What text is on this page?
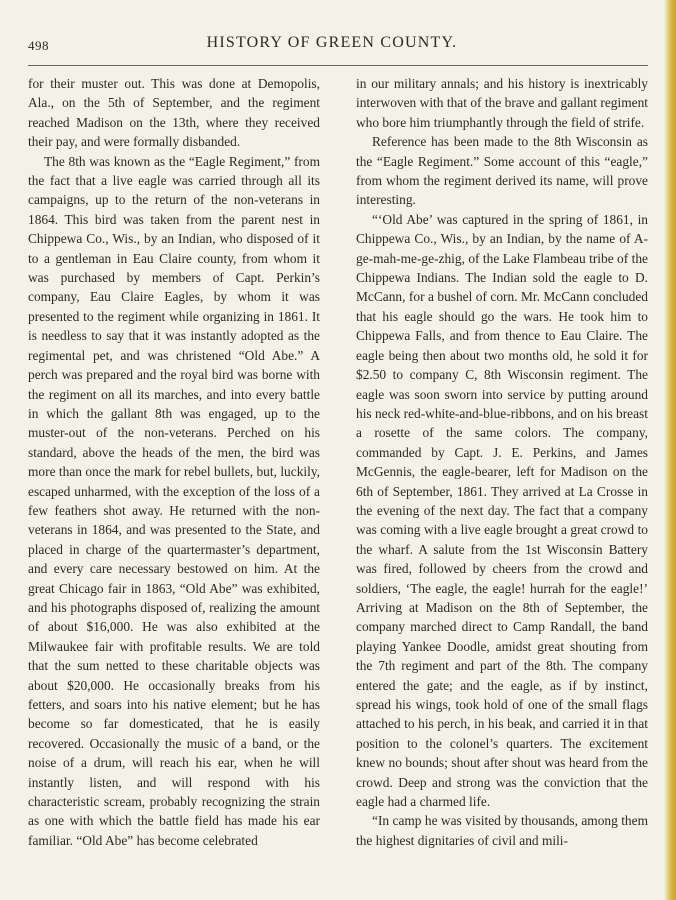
498	HISTORY OF GREEN COUNTY.

for their muster out. This was done at Demopolis, Ala., on the 5th of September, and the regiment reached Madison on the 13th, where they received their pay, and were formally disbanded.

The 8th was known as the “Eagle Regiment,” from the fact that a live eagle was carried through all its campaigns, up to the return of the non-veterans in 1864. This bird was taken from the parent nest in Chippewa Co., Wis., by an Indian, who disposed of it to a gentleman in Eau Claire county, from whom it was purchased by members of Capt. Perkin’s company, Eau Claire Eagles, by whom it was presented to the regiment while organizing in 1861. It is needless to say that it was instantly adopted as the regimental pet, and was christened “Old Abe.” A perch was prepared and the royal bird was borne with the regiment on all its marches, and into every battle in which the gallant 8th was engaged, up to the muster-out of the non-veterans. Perched on his standard, above the heads of the men, the bird was more than once the mark for rebel bullets, but, luckily, escaped unharmed, with the exception of the loss of a few feathers shot away. He returned with the non-veterans in 1864, and was presented to the State, and placed in charge of the quartermaster’s department, and every care necessary bestowed on him. At the great Chicago fair in 1863, “Old Abe” was exhibited, and his photographs disposed of, realizing the amount of about $16,000. He was also exhibited at the Milwaukee fair with profitable results. We are told that the sum netted to these charitable objects was about $20,000. He occasionally breaks from his fetters, and soars into his native element; but he has become so far domesticated, that he is easily recovered. Occasionally the music of a band, or the noise of a drum, will reach his ear, when he will instantly listen, and will respond with his characteristic scream, probably recognizing the strain as one with which the battle field has made his ear familiar. “Old Abe” has become celebrated

in our military annals; and his history is inextricably interwoven with that of the brave and gallant regiment who bore him triumphantly through the field of strife.

Reference has been made to the 8th Wisconsin as the “Eagle Regiment.” Some account of this “eagle,” from whom the regiment derived its name, will prove interesting.

“‘Old Abe’ was captured in the spring of 1861, in Chippewa Co., Wis., by an Indian, by the name of A-ge-mah-me-ge-zhig, of the Lake Flambeau tribe of the Chippewa Indians. The Indian sold the eagle to D. McCann, for a bushel of corn. Mr. McCann concluded that his eagle should go the wars. He took him to Chippewa Falls, and from thence to Eau Claire. The eagle being then about two months old, he sold it for $2.50 to company C, 8th Wisconsin regiment. The eagle was soon sworn into service by putting around his neck red-white-and-blue-ribbons, and on his breast a rosette of the same colors. The company, commanded by Capt. J. E. Perkins, and James McGennis, the eagle-bearer, left for Madison on the 6th of September, 1861. They arrived at La Crosse in the evening of the next day. The fact that a company was coming with a live eagle brought a great crowd to the wharf. A salute from the 1st Wisconsin Battery was fired, followed by cheers from the crowd and soldiers, ‘The eagle, the eagle! hurrah for the eagle!’ Arriving at Madison on the 8th of September, the company marched direct to Camp Randall, the band playing Yankee Doodle, amidst great shouting from the 7th regiment and part of the 8th. The company entered the gate; and the eagle, as if by instinct, spread his wings, took hold of one of the small flags attached to his perch, in his beak, and carried it in that position to the colonel’s quarters. The excitement knew no bounds; shout after shout was heard from the crowd. Deep and strong was the conviction that the eagle had a charmed life.

“In camp he was visited by thousands, among them the highest dignitaries of civil and mili-
